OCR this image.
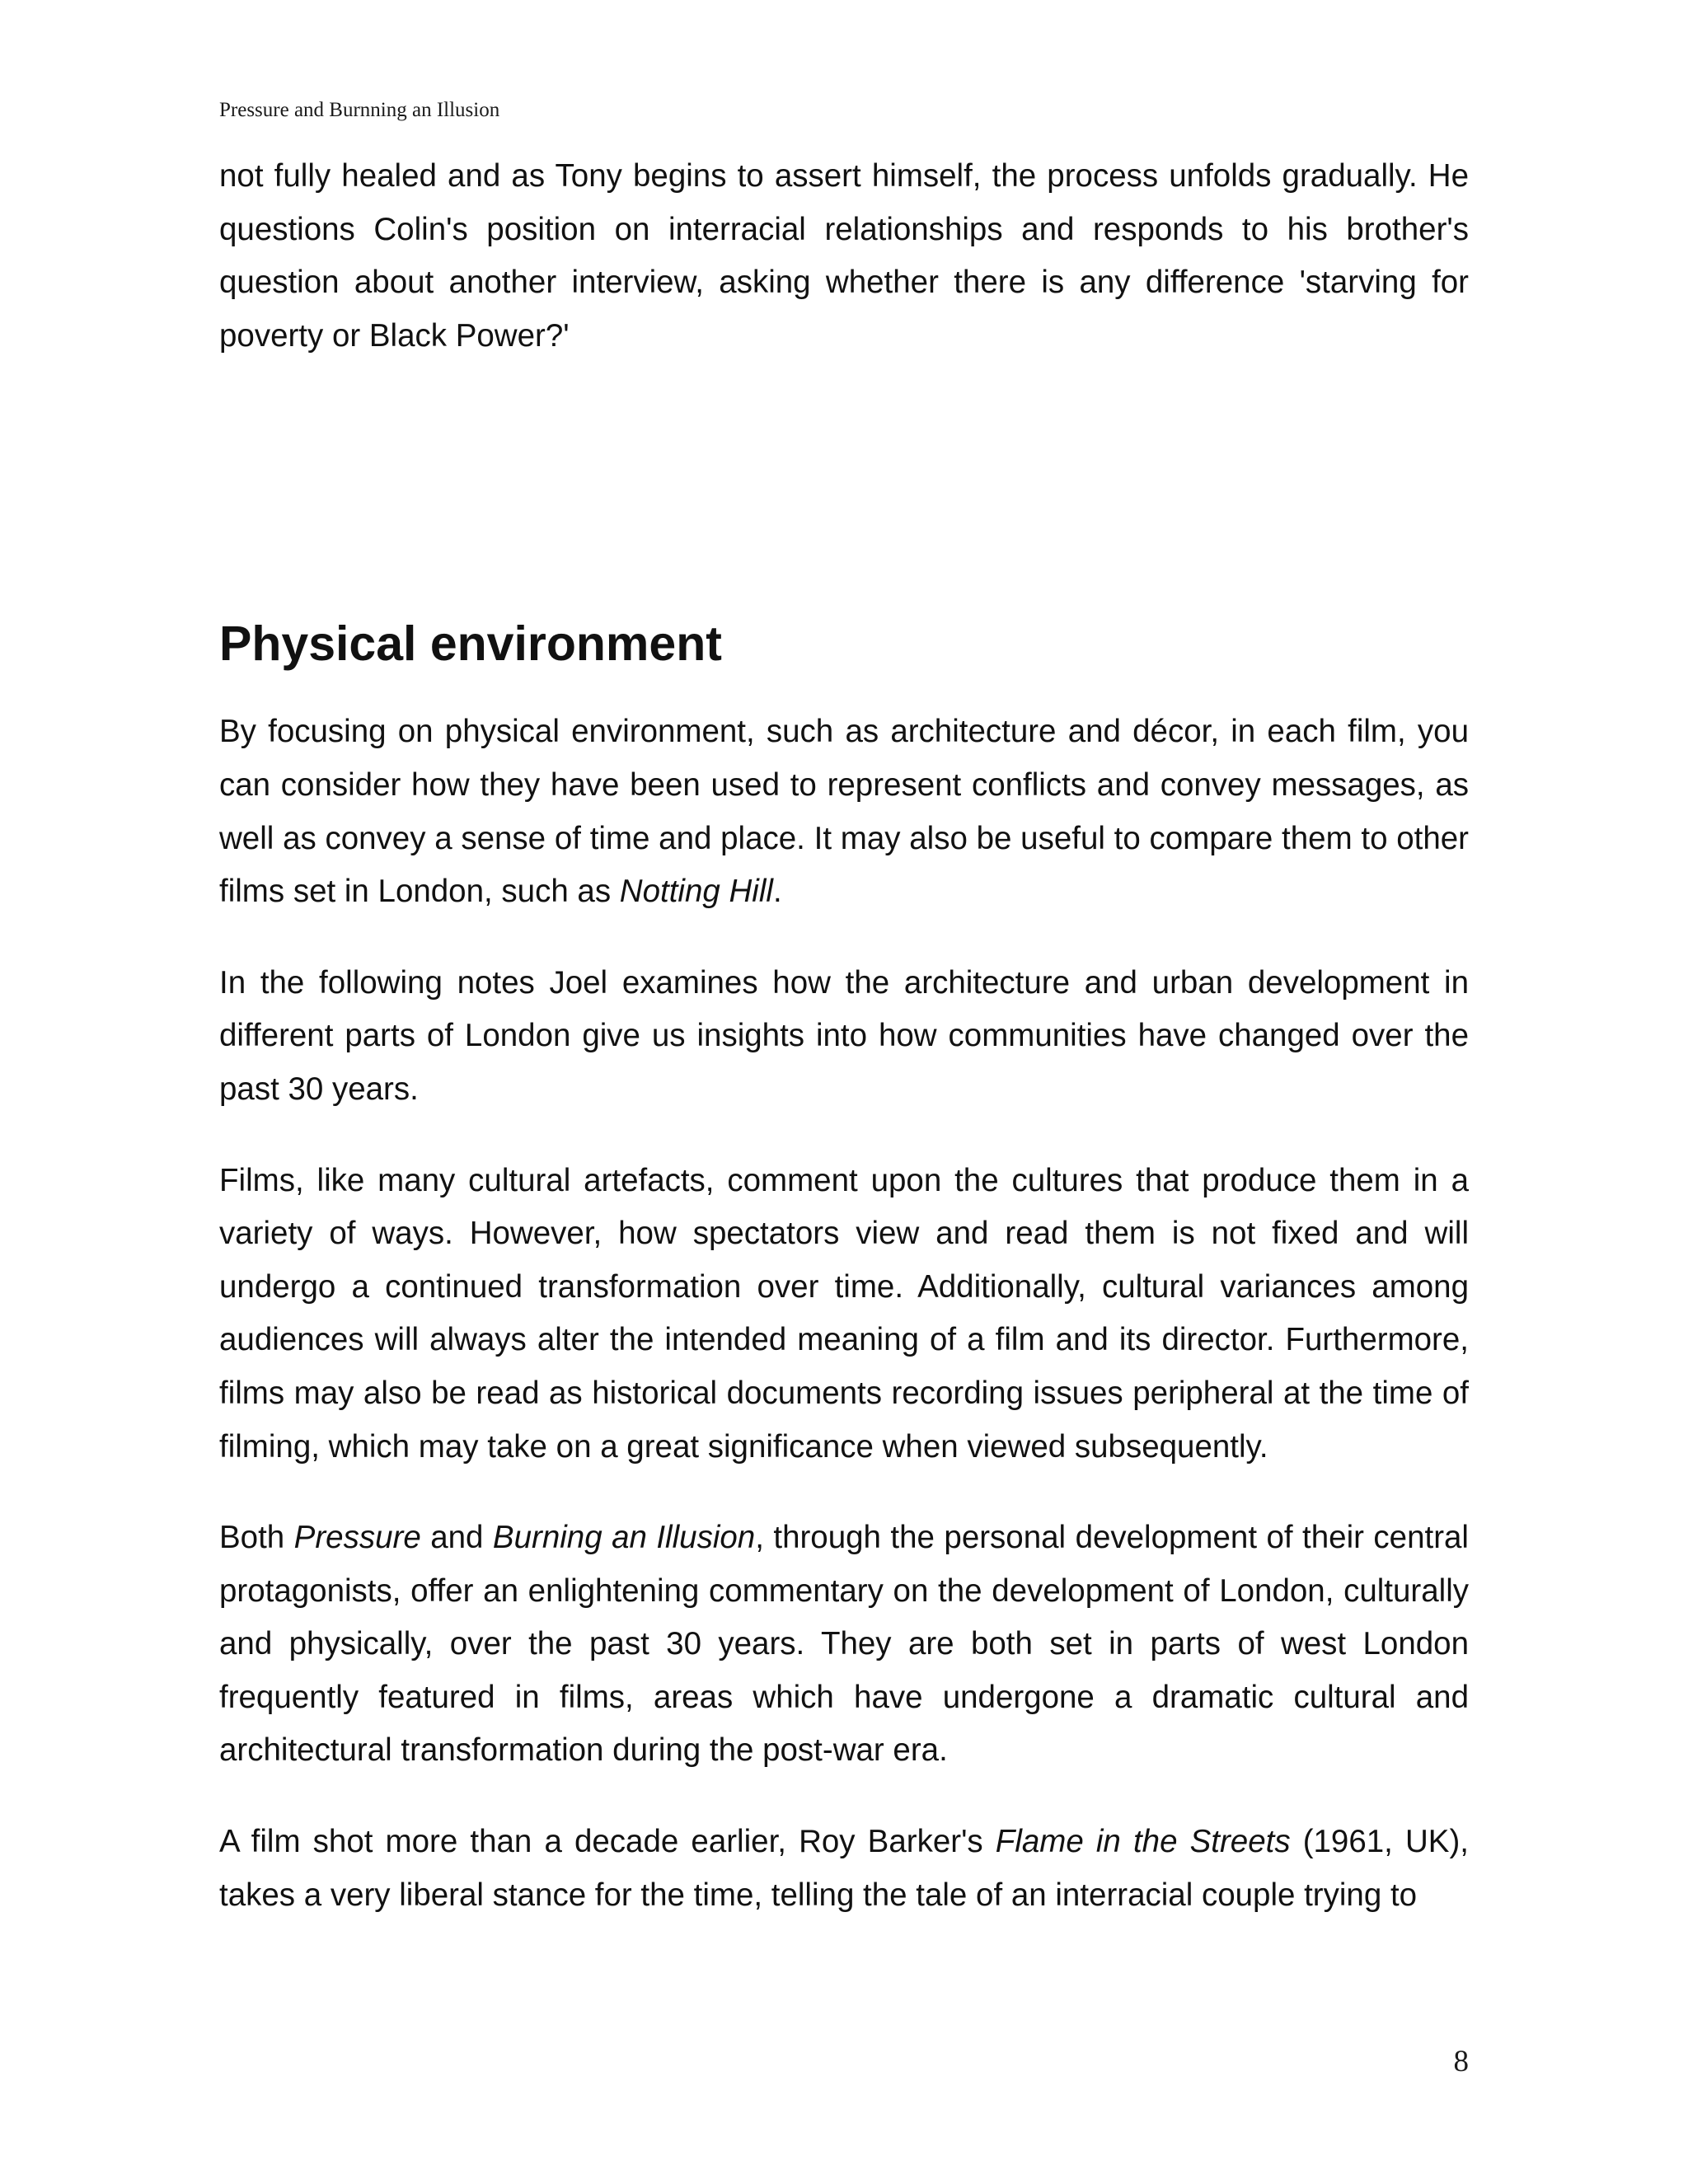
Pressure and Burnning an Illusion

not fully healed and as Tony begins to assert himself, the process unfolds gradually. He questions Colin's position on interracial relationships and responds to his brother's question about another interview, asking whether there is any difference 'starving for poverty or Black Power?'

Physical environment

By focusing on physical environment, such as architecture and décor, in each film, you can consider how they have been used to represent conflicts and convey messages, as well as convey a sense of time and place. It may also be useful to compare them to other films set in London, such as Notting Hill.

In the following notes Joel examines how the architecture and urban development in different parts of London give us insights into how communities have changed over the past 30 years.

Films, like many cultural artefacts, comment upon the cultures that produce them in a variety of ways. However, how spectators view and read them is not fixed and will undergo a continued transformation over time. Additionally, cultural variances among audiences will always alter the intended meaning of a film and its director. Furthermore, films may also be read as historical documents recording issues peripheral at the time of filming, which may take on a great significance when viewed subsequently.

Both Pressure and Burning an Illusion, through the personal development of their central protagonists, offer an enlightening commentary on the development of London, culturally and physically, over the past 30 years. They are both set in parts of west London frequently featured in films, areas which have undergone a dramatic cultural and architectural transformation during the post-war era.

A film shot more than a decade earlier, Roy Barker's Flame in the Streets (1961, UK), takes a very liberal stance for the time, telling the tale of an interracial couple trying to

8
